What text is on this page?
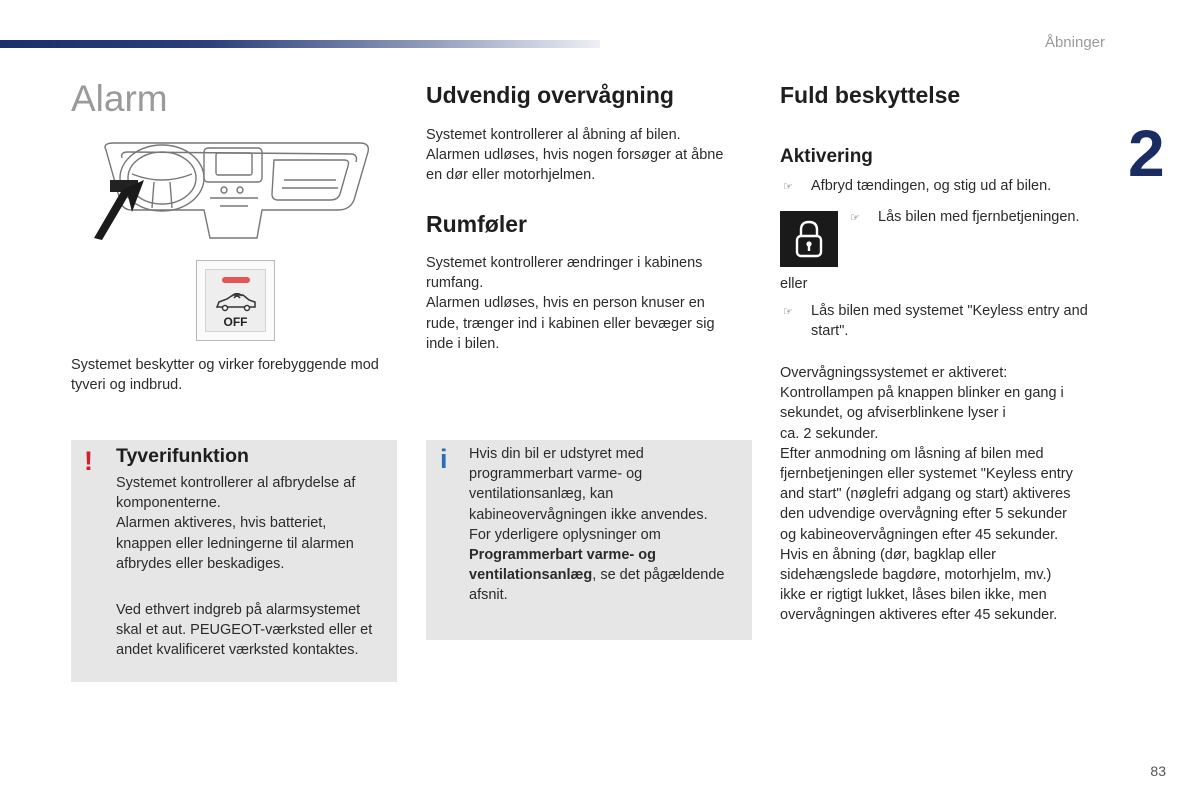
Åbninger
2
Alarm
OFF
Systemet beskytter og virker forebyggende mod tyveri og indbrud.
! Tyverifunktion

Systemet kontrollerer al afbrydelse af

komponenterne.

Alarmen aktiveres, hvis batteriet,

knappen eller ledningerne til alarmen

afbrydes eller beskadiges.

Ved ethvert indgreb på alarmsystemet

skal et aut. PEUGEOT-værksted eller et

andet kvalificeret værksted kontaktes.

Udvendig overvågning

Systemet kontrollerer al åbning af bilen.

Alarmen udløses, hvis nogen forsøger at åbne

en dør eller motorhjelmen.

Rumføler

Systemet kontrollerer ændringer i kabinens

rumfang.

Alarmen udløses, hvis en person knuser en

rude, trænger ind i kabinen eller bevæger sig

inde i bilen.

i Hvis din bil er udstyret med

programmerbart varme- og

ventilationsanlæg, kan

kabineovervågningen ikke anvendes.

For yderligere oplysninger om

Programmerbart varme- og

ventilationsanlæg, se det pågældende

afsnit.

Fuld beskyttelse
Aktivering
☞	Afbryd tændingen, og stig ud af bilen.
☞	Lås bilen med fjernbetjeningen.
eller
☞	Lås bilen med systemet "Keyless entry and
start".

Overvågningssystemet er aktiveret:

Kontrollampen på knappen blinker en gang i

sekundet, og afviserblinkene lyser i

ca. 2 sekunder.

Efter anmodning om låsning af bilen med

fjernbetjeningen eller systemet "Keyless entry

and start" (nøglefri adgang og start) aktiveres

den udvendige overvågning efter 5 sekunder

og kabineovervågningen efter 45 sekunder.

Hvis en åbning (dør, bagklap eller

sidehængslede bagdøre, motorhjelm, mv.)

ikke er rigtigt lukket, låses bilen ikke, men

overvågningen aktiveres efter 45 sekunder.

83
